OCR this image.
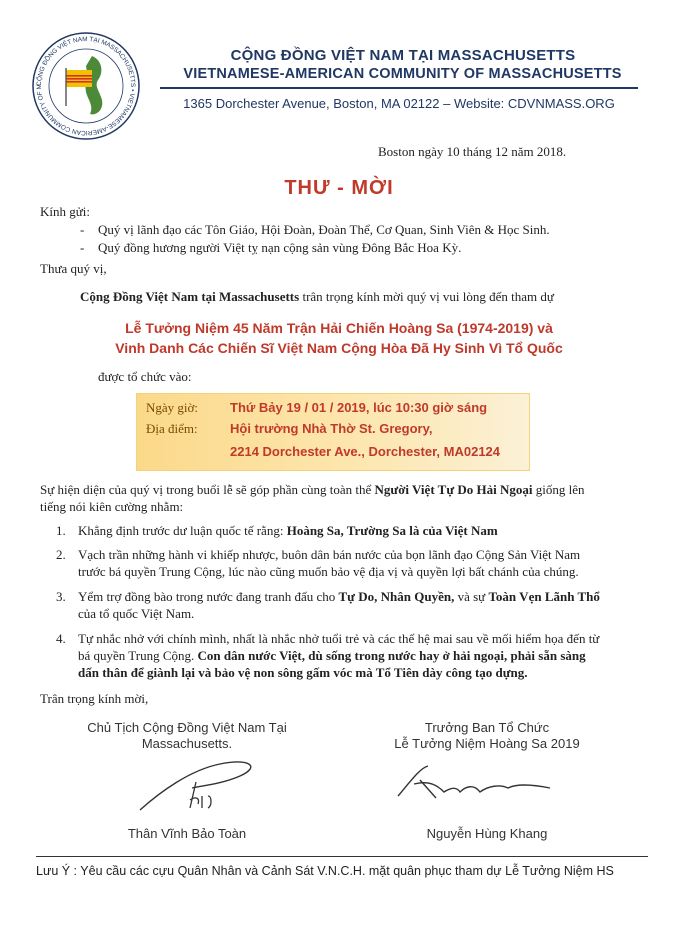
CỘNG ĐỒNG VIỆT NAM TẠI MASSACHUSETTS • VIETNAMESE-AMERICAN COMMUNITY OF M
CỘNG ĐỒNG VIỆT NAM TẠI MASSACHUSETTS
VIETNAMESE-AMERICAN COMMUNITY OF MASSACHUSETTS
1365 Dorchester Avenue, Boston, MA 02122 – Website: CDVNMASS.ORG
Boston ngày 10 tháng 12 năm 2018.
THƯ - MỜI
Kính gửi:
- Quý vị lãnh đạo các Tôn Giáo, Hội Đoàn, Đoàn Thể, Cơ Quan, Sinh Viên & Học Sinh.
- Quý đồng hương người Việt tỵ nạn cộng sản vùng Đông Bắc Hoa Kỳ.
Thưa quý vị,
Cộng Đồng Việt Nam tại Massachusetts trân trọng kính mời quý vị vui lòng đến tham dự
Lễ Tưởng Niệm 45 Năm Trận Hải Chiến Hoàng Sa (1974-2019) và
Vinh Danh Các Chiến Sĩ Việt Nam Cộng Hòa Đã Hy Sinh Vì Tổ Quốc
được tổ chức vào:
Ngày giờ: Thứ Bảy 19 / 01 / 2019, lúc 10:30 giờ sáng
Địa điểm: Hội trường Nhà Thờ St. Gregory,
2214 Dorchester Ave., Dorchester, MA02124
Sự hiện diện của quý vị trong buổi lễ sẽ góp phần cùng toàn thể Người Việt Tự Do Hải Ngoại giống lên
tiếng nói kiên cường nhằm:
1. Khẳng định trước dư luận quốc tế rằng: Hoàng Sa, Trường Sa là của Việt Nam
2. Vạch trần những hành vi khiếp nhược, buôn dân bán nước của bọn lãnh đạo Cộng Sản Việt Nam
trước bá quyền Trung Cộng, lúc nào cũng muốn bảo vệ địa vị và quyền lợi bất chánh của chúng.
3. Yểm trợ đồng bào trong nước đang tranh đấu cho Tự Do, Nhân Quyền, và sự Toàn Vẹn Lãnh Thổ
của tổ quốc Việt Nam.
4. Tự nhắc nhở với chính mình, nhất là nhắc nhở tuổi trẻ và các thế hệ mai sau về mối hiểm họa đến từ
bá quyền Trung Cộng. Con dân nước Việt, dù sống trong nước hay ở hải ngoại, phải sẵn sàng
dấn thân để giành lại và bảo vệ non sông gấm vóc mà Tổ Tiên dày công tạo dựng.
Trân trọng kính mời,
Chủ Tịch Cộng Đồng Việt Nam Tại
Massachusetts.
Thân Vĩnh Bảo Toàn
Trưởng Ban Tổ Chức
Lễ Tưởng Niệm Hoàng Sa 2019
Nguyễn Hùng Khang
Lưu Ý : Yêu cầu các cựu Quân Nhân và Cảnh Sát V.N.C.H. mặt quân phục tham dự Lễ Tưởng Niệm HS
